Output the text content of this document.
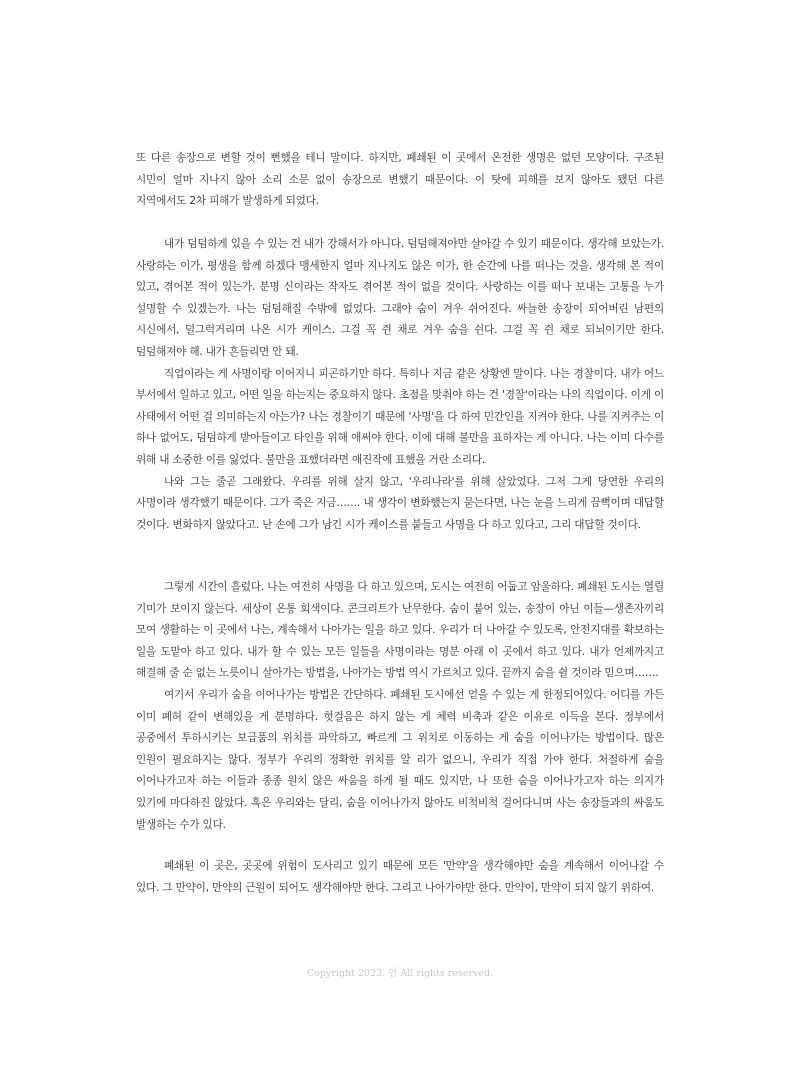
또 다른 송장으로 변할 것이 뻔했을 테니 말이다. 하지만, 폐쇄된 이 곳에서 온전한 생명은 없던 모양이다. 구조된 시민이 얼마 지나지 않아 소리 소문 없이 송장으로 변했기 때문이다. 이 탓에 피해를 보지 않아도 됐던 다른 지역에서도 2차 피해가 발생하게 되었다.

내가 덤덤하게 있을 수 있는 건 내가 강해서가 아니다. 덤덤해져야만 살아갈 수 있기 때문이다. 생각해 보았는가. 사랑하는 이가, 평생을 함께 하겠다 맹세한지 얼마 지나지도 않은 이가, 한 순간에 나를 떠나는 것을. 생각해 본 적이 있고, 겪어본 적이 있는가. 분명 신이라는 작자도 겪어본 적이 없을 것이다. 사랑하는 이를 떠나 보내는 고통을 누가 설명할 수 있겠는가. 나는 덤덤해질 수밖에 없었다. 그래야 숨이 겨우 쉬어진다. 싸늘한 송장이 되어버린 남편의 시신에서, 덜그럭거리며 나온 시가 케이스. 그걸 꼭 쥔 채로 겨우 숨을 쉰다. 그걸 꼭 쥔 채로 되뇌이기만 한다. 덤덤해져야 해. 내가 흔들리면 안 돼.

직업이라는 게 사명이랑 이어지니 피곤하기만 하다. 특히나 지금 같은 상황엔 말이다. 나는 경찰이다. 내가 어느 부서에서 일하고 있고, 어떤 일을 하는지는 중요하지 않다. 초점을 맞춰야 하는 건 '경찰'이라는 나의 직업이다. 이게 이 사태에서 어떤 걸 의미하는지 아는가? 나는 경찰이기 때문에 '사명'을 다 하여 민간인을 지켜야 한다. 나를 지켜주는 이 하나 없어도, 덤덤하게 받아들이고 타인을 위해 애써야 한다. 이에 대해 불만을 표하자는 게 아니다. 나는 이미 다수를 위해 내 소중한 이를 잃었다. 불만을 표했더라면 애진작에 표했을 거란 소리다.

나와 그는 줄곧 그래왔다. 우리를 위해 살지 않고, '우리나라'를 위해 살았었다. 그저 그게 당연한 우리의 사명이라 생각했기 때문이다. 그가 죽은 지금……. 내 생각이 변화했는지 묻는다면, 나는 눈을 느리게 끔뻑이며 대답할 것이다. 변화하지 않았다고. 난 손에 그가 남긴 시가 케이스를 붙들고 사명을 다 하고 있다고, 그리 대답할 것이다.

그렇게 시간이 흘렀다. 나는 여전히 사명을 다 하고 있으며, 도시는 여전히 어둡고 암울하다. 폐쇄된 도시는 열릴 기미가 보이지 않는다. 세상이 온통 회색이다. 콘크리트가 난무한다. 숨이 붙어 있는, 송장이 아닌 이들—생존자끼리 모여 생활하는 이 곳에서 나는, 계속해서 나아가는 일을 하고 있다. 우리가 더 나아갈 수 있도록, 안전지대를 확보하는 일을 도맡아 하고 있다. 내가 할 수 있는 모든 일들을 사명이라는 명분 아래 이 곳에서 하고 있다. 내가 언제까지고 해결해 줄 순 없는 노릇이니 살아가는 방법을, 나아가는 방법 역시 가르치고 있다. 끝까지 숨을 쉴 것이라 믿으며…….

여기서 우리가 숨을 이어나가는 방법은 간단하다. 폐쇄된 도시에선 얻을 수 있는 게 한정되어있다. 어디를 가든 이미 폐허 같이 변해있을 게 분명하다. 헛걸음은 하지 않는 게 체력 비축과 같은 이유로 이득을 본다. 정부에서 공중에서 투하시키는 보급품의 위치를 파악하고, 빠르게 그 위치로 이동하는 게 숨을 이어나가는 방법이다. 많은 인원이 필요하지는 않다. 정부가 우리의 정확한 위치를 알 리가 없으니, 우리가 직접 가야 한다. 처절하게 숨을 이어나가고자 하는 이들과 종종 원치 않은 싸움을 하게 될 때도 있지만, 나 또한 숨을 이어나가고자 하는 의지가 있기에 마다하진 않았다. 혹은 우리와는 달리, 숨을 이어나가지 않아도 비척비척 걸어다니며 사는 송장들과의 싸움도 발생하는 수가 있다.

폐쇄된 이 곳은, 곳곳에 위험이 도사리고 있기 때문에 모든 '만약'을 생각해야만 숨을 계속해서 이어나갈 수 있다. 그 만약이, 만약의 근원이 되어도 생각해야만 한다. 그리고 나아가야만 한다. 만약이, 만약이 되지 않기 위하여.

Copyright 2023. 안 All rights reserved.
